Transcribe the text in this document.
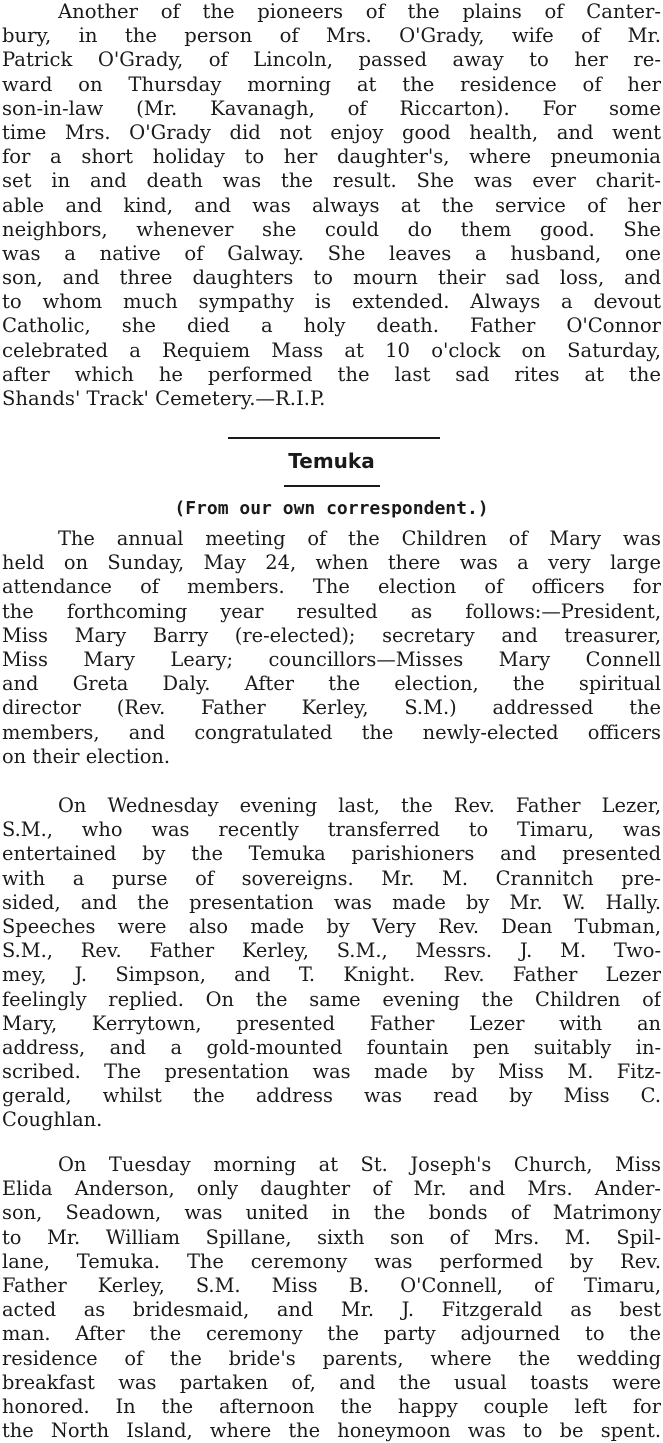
Another of the pioneers of the plains of Canter-
bury, in the person of Mrs. O'Grady, wife of Mr.
Patrick O'Grady, of Lincoln, passed away to her re-
ward on Thursday morning at the residence of her
son-in-law (Mr. Kavanagh, of Riccarton). For some
time Mrs. O'Grady did not enjoy good health, and went
for a short holiday to her daughter's, where pneumonia
set in and death was the result. She was ever charit-
able and kind, and was always at the service of her
neighbors, whenever she could do them good. She
was a native of Galway. She leaves a husband, one
son, and three daughters to mourn their sad loss, and
to whom much sympathy is extended. Always a devout
Catholic, she died a holy death. Father O'Connor
celebrated a Requiem Mass at 10 o'clock on Saturday,
after which he performed the last sad rites at the
Shands' Track' Cemetery.—R.I.P.
Temuka
(From our own correspondent.)
The annual meeting of the Children of Mary was
held on Sunday, May 24, when there was a very large
attendance of members. The election of officers for
the forthcoming year resulted as follows:—President,
Miss Mary Barry (re-elected); secretary and treasurer,
Miss Mary Leary; councillors—Misses Mary Connell
and Greta Daly. After the election, the spiritual
director (Rev. Father Kerley, S.M.) addressed the
members, and congratulated the newly-elected officers
on their election.
On Wednesday evening last, the Rev. Father Lezer,
S.M., who was recently transferred to Timaru, was
entertained by the Temuka parishioners and presented
with a purse of sovereigns. Mr. M. Crannitch pre-
sided, and the presentation was made by Mr. W. Hally.
Speeches were also made by Very Rev. Dean Tubman,
S.M., Rev. Father Kerley, S.M., Messrs. J. M. Two-
mey, J. Simpson, and T. Knight. Rev. Father Lezer
feelingly replied. On the same evening the Children of
Mary, Kerrytown, presented Father Lezer with an
address, and a gold-mounted fountain pen suitably in-
scribed. The presentation was made by Miss M. Fitz-
gerald, whilst the address was read by Miss C.
Coughlan.
On Tuesday morning at St. Joseph's Church, Miss
Elida Anderson, only daughter of Mr. and Mrs. Ander-
son, Seadown, was united in the bonds of Matrimony
to Mr. William Spillane, sixth son of Mrs. M. Spil-
lane, Temuka. The ceremony was performed by Rev.
Father Kerley, S.M. Miss B. O'Connell, of Timaru,
acted as bridesmaid, and Mr. J. Fitzgerald as best
man. After the ceremony the party adjourned to the
residence of the bride's parents, where the wedding
breakfast was partaken of, and the usual toasts were
honored. In the afternoon the happy couple left for
the North Island, where the honeymoon was to be spent.
